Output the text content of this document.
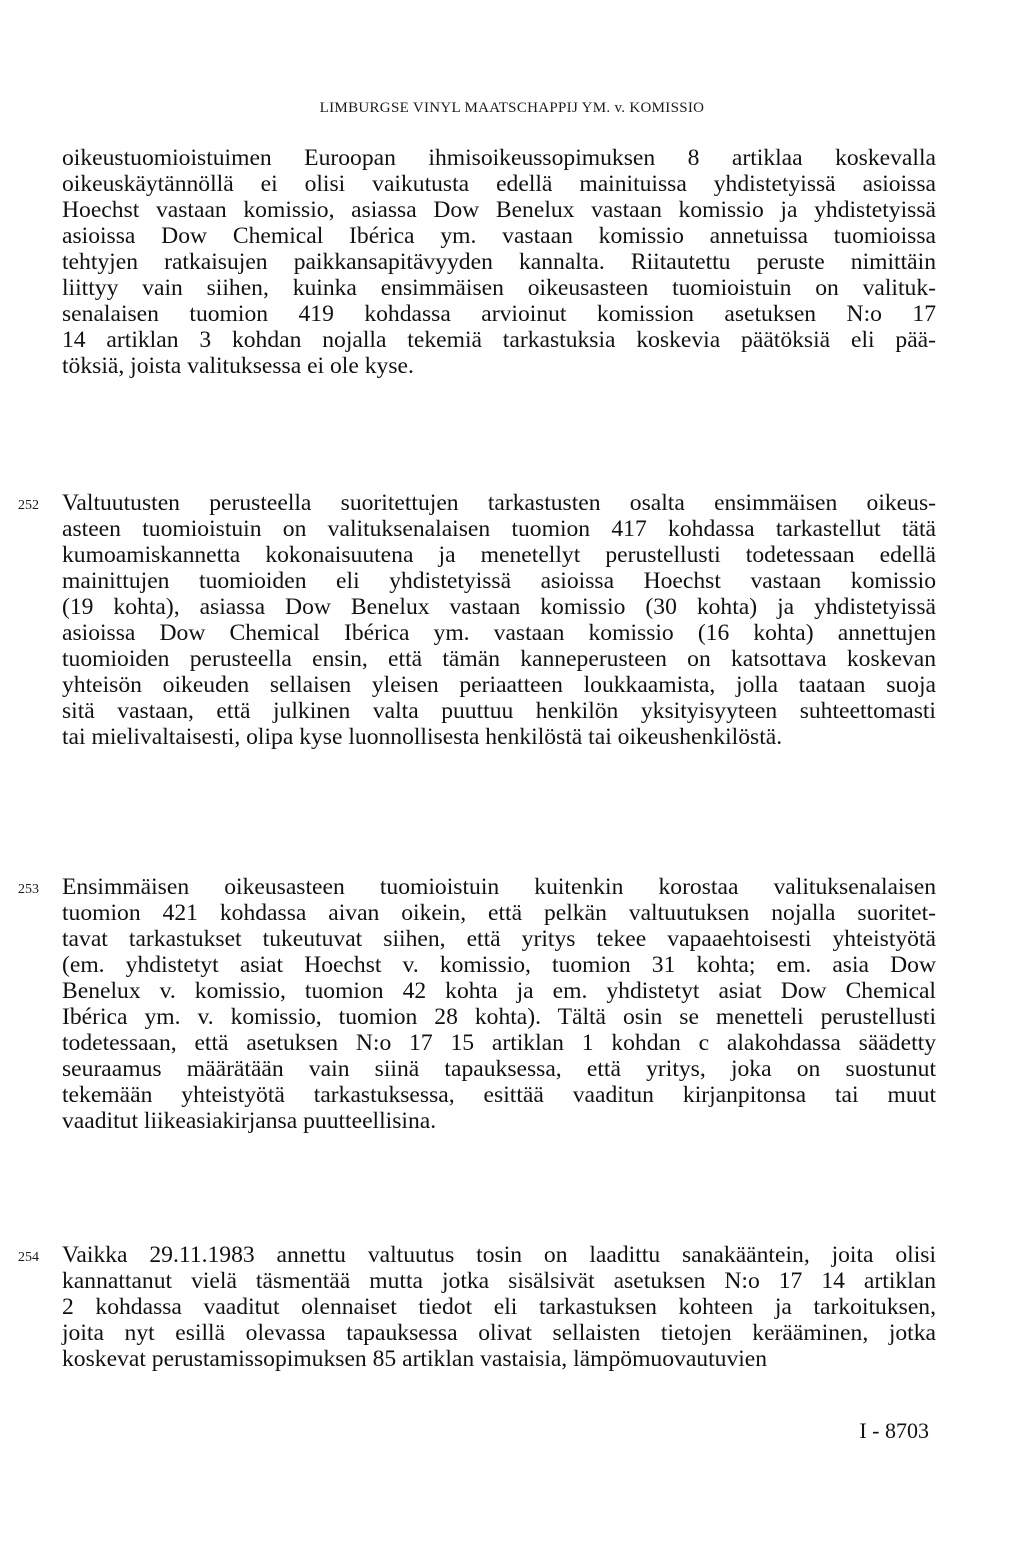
LIMBURGSE VINYL MAATSCHAPPIJ YM. v. KOMISSIO
oikeustuomioistuimen Euroopan ihmisoikeussopimuksen 8 artiklaa koskevalla
oikeuskäytännöllä ei olisi vaikutusta edellä mainituissa yhdistetyissä asioissa
Hoechst vastaan komissio, asiassa Dow Benelux vastaan komissio ja yhdistetyissä
asioissa Dow Chemical Ibérica ym. vastaan komissio annetuissa tuomioissa
tehtyjen ratkaisujen paikkansapitävyyden kannalta. Riitautettu peruste nimittäin
liittyy vain siihen, kuinka ensimmäisen oikeusasteen tuomioistuin on valituk-
senalaisen tuomion 419 kohdassa arvioinut komission asetuksen N:o 17
14 artiklan 3 kohdan nojalla tekemiä tarkastuksia koskevia päätöksiä eli pää-
töksiä, joista valituksessa ei ole kyse.
252 Valtuutusten perusteella suoritettujen tarkastusten osalta ensimmäisen oikeus-
asteen tuomioistuin on valituksenalaisen tuomion 417 kohdassa tarkastellut tätä
kumoamiskannetta kokonaisuutena ja menetellyt perustellusti todetessaan edellä
mainittujen tuomioiden eli yhdistetyissä asioissa Hoechst vastaan komissio
(19 kohta), asiassa Dow Benelux vastaan komissio (30 kohta) ja yhdistetyissä
asioissa Dow Chemical Ibérica ym. vastaan komissio (16 kohta) annettujen
tuomioiden perusteella ensin, että tämän kanneperusteen on katsottava koskevan
yhteisön oikeuden sellaisen yleisen periaatteen loukkaamista, jolla taataan suoja
sitä vastaan, että julkinen valta puuttuu henkilön yksityisyyteen suhteettomasti
tai mielivaltaisesti, olipa kyse luonnollisesta henkilöstä tai oikeushenkilöstä.
253 Ensimmäisen oikeusasteen tuomioistuin kuitenkin korostaa valituksenalaisen
tuomion 421 kohdassa aivan oikein, että pelkän valtuutuksen nojalla suoritet-
tavat tarkastukset tukeutuvat siihen, että yritys tekee vapaaehtoisesti yhteistyötä
(em. yhdistetyt asiat Hoechst v. komissio, tuomion 31 kohta; em. asia Dow
Benelux v. komissio, tuomion 42 kohta ja em. yhdistetyt asiat Dow Chemical
Ibérica ym. v. komissio, tuomion 28 kohta). Tältä osin se menetteli perustellusti
todetessaan, että asetuksen N:o 17 15 artiklan 1 kohdan c alakohdassa säädetty
seuraamus määrätään vain siinä tapauksessa, että yritys, joka on suostunut
tekemään yhteistyötä tarkastuksessa, esittää vaaditun kirjanpitonsa tai muut
vaaditut liikeasiakirjansa puutteellisina.
254 Vaikka 29.11.1983 annettu valtuutus tosin on laadittu sanakääntein, joita olisi
kannattanut vielä täsmentää mutta jotka sisälsivät asetuksen N:o 17 14 artiklan
2 kohdassa vaaditut olennaiset tiedot eli tarkastuksen kohteen ja tarkoituksen,
joita nyt esillä olevassa tapauksessa olivat sellaisten tietojen kerääminen, jotka
koskevat perustamissopimuksen 85 artiklan vastaisia, lämpömuovautuvien
I - 8703
